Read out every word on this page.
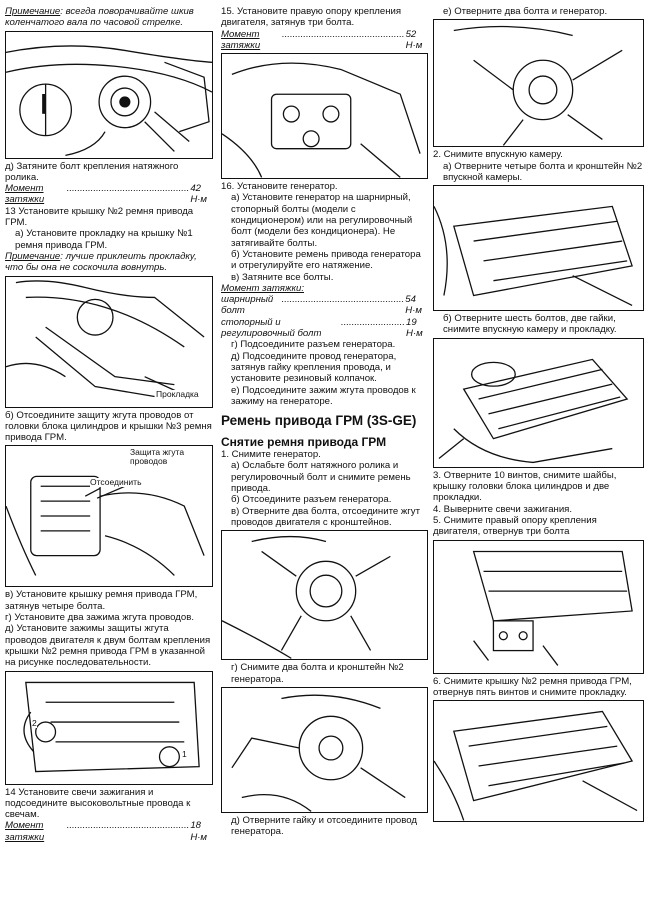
Примечание: всегда поворачивайте шкив коленчатого вала по часовой стрелке.

д) Затяните болт крепления натяжного ролика.

Момент затяжки
.............................................. 42 Н·м

13 Установите крышку №2 ремня привода ГРМ.

а) Установите прокладку на крышку №1 ремня привода ГРМ.

Примечание: лучше приклеить прокладку, что бы она не соскочила вовнутрь.

Прокладка

б) Отсоедините защиту жгута проводов от головки блока цилиндров и крышки №3 ремня привода ГРМ.

Защита жгута проводов
Отсоединить

в) Установите крышку ремня привода ГРМ, затянув четыре болта.

г) Установите два зажима жгута проводов.

д) Установите зажимы защиты жгута проводов двигателя к двум болтам крепления крышки №2 ремня привода ГРМ в указанной на рисунке последовательности.

2
1

14 Установите свечи зажигания и подсоедините высоковольтные провода к свечам.

Момент затяжки
.............................................. 18 Н·м

15. Установите правую опору крепления двигателя, затянув три болта.

Момент затяжки
.............................................. 52 Н·м

16. Установите генератор.

а) Установите генератор на шарнирный, стопорный болты (модели с кондиционером) или на регулировочный болт (модели без кондиционера). Не затягивайте болты.

б) Установите ремень привода генератора и отрегулируйте его натяжение.

в) Затяните все болты.

Момент затяжки:

шарнирный болт
.............................................. 54 Н·м
стопорный и регулировочный болт
........................ 19 Н·м

г) Подсоедините разъем генератора.

д) Подсоедините провод генератора, затянув гайку крепления провода, и установите резиновый колпачок.

е) Подсоедините зажим жгута проводов к зажиму на генераторе.

Ремень привода ГРМ (3S-GE)
Снятие ремня привода ГРМ

1. Снимите генератор.

а) Ослабьте болт натяжного ролика и регулировочный болт и снимите ремень привода.

б) Отсоедините разъем генератора.

в) Отверните два болта, отсоедините жгут проводов двигателя с кронштейнов.

г) Снимите два болта и кронштейн №2 генератора.

д) Отверните гайку и отсоедините провод генератора.

е) Отверните два болта и генератор.

2. Снимите впускную камеру.

а) Отверните четыре болта и кронштейн №2 впускной камеры.

б) Отверните шесть болтов, две гайки, снимите впускную камеру и прокладку.

3. Отверните 10 винтов, снимите шайбы, крышку головки блока цилиндров и две прокладки.

4. Выверните свечи зажигания.

5. Снимите правый опору крепления двигателя, отвернув три болта

6. Снимите крышку №2 ремня привода ГРМ, отвернув пять винтов и снимите прокладку.
